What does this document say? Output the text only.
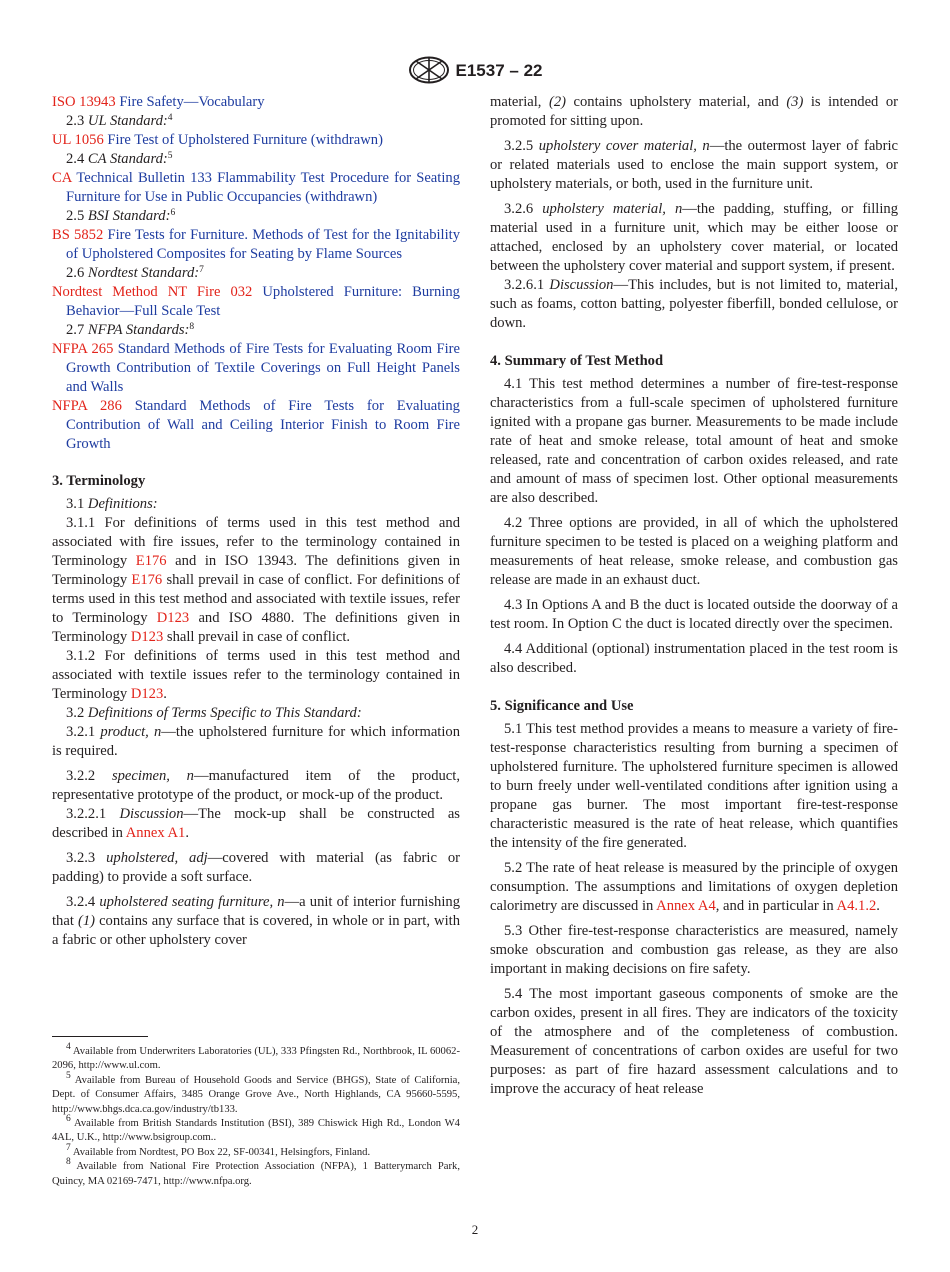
E1537 – 22

ISO 13943 Fire Safety—Vocabulary

2.3 UL Standard:$^4$

UL 1056 Fire Test of Upholstered Furniture (withdrawn)

2.4 CA Standard:$^5$

CA Technical Bulletin 133 Flammability Test Procedure for Seating Furniture for Use in Public Occupancies (withdrawn)

2.5 BSI Standard:$^6$

BS 5852 Fire Tests for Furniture. Methods of Test for the Ignitability of Upholstered Composites for Seating by Flame Sources

2.6 Nordtest Standard:$^7$

Nordtest Method NT Fire 032 Upholstered Furniture: Burning Behavior—Full Scale Test

2.7 NFPA Standards:$^8$

NFPA 265 Standard Methods of Fire Tests for Evaluating Room Fire Growth Contribution of Textile Coverings on Full Height Panels and Walls

NFPA 286 Standard Methods of Fire Tests for Evaluating Contribution of Wall and Ceiling Interior Finish to Room Fire Growth

3. Terminology

3.1 Definitions:

3.1.1 For definitions of terms used in this test method and associated with fire issues, refer to the terminology contained in Terminology E176 and in ISO 13943. The definitions given in Terminology E176 shall prevail in case of conflict. For definitions of terms used in this test method and associated with textile issues, refer to Terminology D123 and ISO 4880. The definitions given in Terminology D123 shall prevail in case of conflict.

3.1.2 For definitions of terms used in this test method and associated with textile issues refer to the terminology contained in Terminology D123.

3.2 Definitions of Terms Specific to This Standard:

3.2.1 product, n—the upholstered furniture for which information is required.

3.2.2 specimen, n—manufactured item of the product, representative prototype of the product, or mock-up of the product.

3.2.2.1 Discussion—The mock-up shall be constructed as described in Annex A1.

3.2.3 upholstered, adj—covered with material (as fabric or padding) to provide a soft surface.

3.2.4 upholstered seating furniture, n—a unit of interior furnishing that (1) contains any surface that is covered, in whole or in part, with a fabric or other upholstery cover

$^4$ Available from Underwriters Laboratories (UL), 333 Pfingsten Rd., Northbrook, IL 60062-2096, http://www.ul.com.

$^5$ Available from Bureau of Household Goods and Service (BHGS), State of California, Dept. of Consumer Affairs, 3485 Orange Grove Ave., North Highlands, CA 95660-5595, http://www.bhgs.dca.ca.gov/industry/tb133.

$^6$ Available from British Standards Institution (BSI), 389 Chiswick High Rd., London W4 4AL, U.K., http://www.bsigroup.com..

$^7$ Available from Nordtest, PO Box 22, SF-00341, Helsingfors, Finland.

$^8$ Available from National Fire Protection Association (NFPA), 1 Batterymarch Park, Quincy, MA 02169-7471, http://www.nfpa.org.

material, (2) contains upholstery material, and (3) is intended or promoted for sitting upon.

3.2.5 upholstery cover material, n—the outermost layer of fabric or related materials used to enclose the main support system, or upholstery materials, or both, used in the furniture unit.

3.2.6 upholstery material, n—the padding, stuffing, or filling material used in a furniture unit, which may be either loose or attached, enclosed by an upholstery cover material, or located between the upholstery cover material and support system, if present.

3.2.6.1 Discussion—This includes, but is not limited to, material, such as foams, cotton batting, polyester fiberfill, bonded cellulose, or down.

4. Summary of Test Method

4.1 This test method determines a number of fire-test-response characteristics from a full-scale specimen of upholstered furniture ignited with a propane gas burner. Measurements to be made include rate of heat and smoke release, total amount of heat and smoke released, rate and concentration of carbon oxides released, and rate and amount of mass of specimen lost. Other optional measurements are also described.

4.2 Three options are provided, in all of which the upholstered furniture specimen to be tested is placed on a weighing platform and measurements of heat release, smoke release, and combustion gas release are made in an exhaust duct.

4.3 In Options A and B the duct is located outside the doorway of a test room. In Option C the duct is located directly over the specimen.

4.4 Additional (optional) instrumentation placed in the test room is also described.

5. Significance and Use

5.1 This test method provides a means to measure a variety of fire-test-response characteristics resulting from burning a specimen of upholstered furniture. The upholstered furniture specimen is allowed to burn freely under well-ventilated conditions after ignition using a propane gas burner. The most important fire-test-response characteristic measured is the rate of heat release, which quantifies the intensity of the fire generated.

5.2 The rate of heat release is measured by the principle of oxygen consumption. The assumptions and limitations of oxygen depletion calorimetry are discussed in Annex A4, and in particular in A4.1.2.

5.3 Other fire-test-response characteristics are measured, namely smoke obscuration and combustion gas release, as they are also important in making decisions on fire safety.

5.4 The most important gaseous components of smoke are the carbon oxides, present in all fires. They are indicators of the toxicity of the atmosphere and of the completeness of combustion. Measurement of concentrations of carbon oxides are useful for two purposes: as part of fire hazard assessment calculations and to improve the accuracy of heat release

2
